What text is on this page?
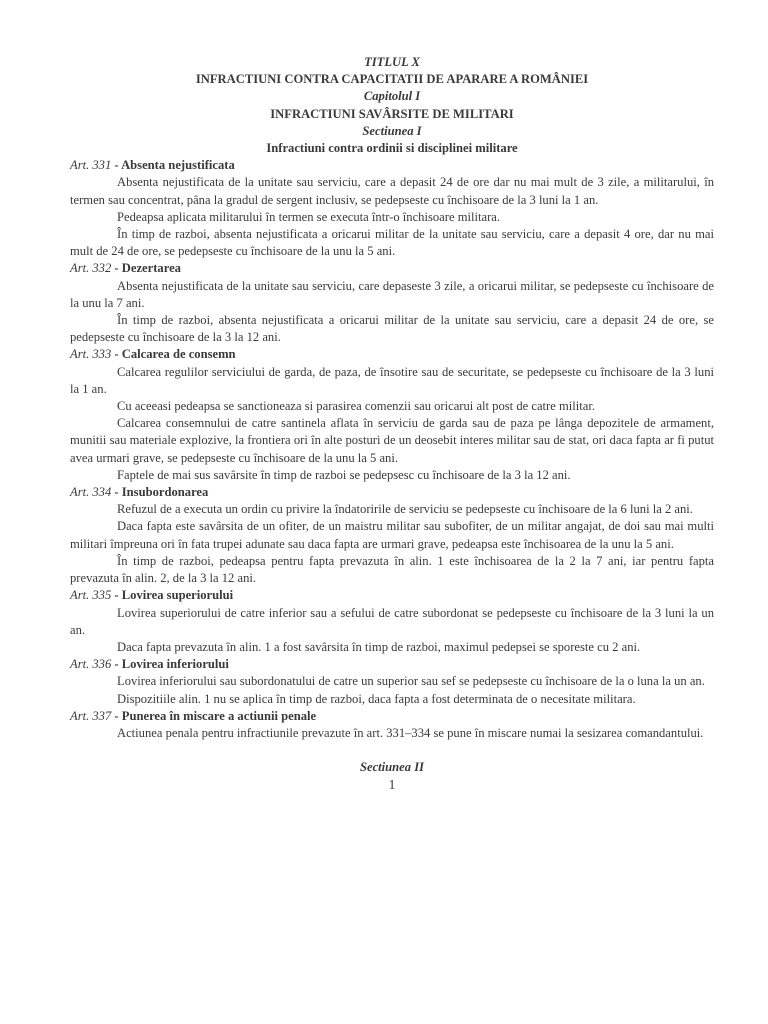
TITLUL X
INFRACTIUNI CONTRA CAPACITATII DE APARARE A ROMÂNIEI
Capitolul I
INFRACTIUNI SAVÂRSITE DE MILITARI
Sectiunea I
Infractiuni contra ordinii si disciplinei militare

Art. 331 - Absenta nejustificata

Absenta nejustificata de la unitate sau serviciu, care a depasit 24 de ore dar nu mai mult de 3 zile, a militarului, în termen sau concentrat, pâna la gradul de sergent inclusiv, se pedepseste cu închisoare de la 3 luni la 1 an.

Pedeapsa aplicata militarului în termen se executa într-o închisoare militara.

În timp de razboi, absenta nejustificata a oricarui militar de la unitate sau serviciu, care a depasit 4 ore, dar nu mai mult de 24 de ore, se pedepseste cu închisoare de la unu la 5 ani.

Art. 332 - Dezertarea

Absenta nejustificata de la unitate sau serviciu, care depaseste 3 zile, a oricarui militar, se pedepseste cu închisoare de la unu la 7 ani.

În timp de razboi, absenta nejustificata a oricarui militar de la unitate sau serviciu, care a depasit 24 de ore, se pedepseste cu închisoare de la 3 la 12 ani.

Art. 333 - Calcarea de consemn

Calcarea regulilor serviciului de garda, de paza, de însotire sau de securitate, se pedepseste cu închisoare de la 3 luni la 1 an.

Cu aceeasi pedeapsa se sanctioneaza si parasirea comenzii sau oricarui alt post de catre militar.

Calcarea consemnului de catre santinela aflata în serviciu de garda sau de paza pe lânga depozitele de armament, munitii sau materiale explozive, la frontiera ori în alte posturi de un deosebit interes militar sau de stat, ori daca fapta ar fi putut avea urmari grave, se pedepseste cu închisoare de la unu la 5 ani.

Faptele de mai sus savârsite în timp de razboi se pedepsesc cu închisoare de la 3 la 12 ani.

Art. 334 - Insubordonarea

Refuzul de a executa un ordin cu privire la îndatoririle de serviciu se pedepseste cu închisoare de la 6 luni la 2 ani.

Daca fapta este savârsita de un ofiter, de un maistru militar sau subofiter, de un militar angajat, de doi sau mai multi militari împreuna ori în fata trupei adunate sau daca fapta are urmari grave, pedeapsa este închisoarea de la unu la 5 ani.

În timp de razboi, pedeapsa pentru fapta prevazuta în alin. 1 este închisoarea de la 2 la 7 ani, iar pentru fapta prevazuta în alin. 2, de la 3 la 12 ani.

Art. 335 - Lovirea superiorului

Lovirea superiorului de catre inferior sau a sefului de catre subordonat se pedepseste cu închisoare de la 3 luni la un an.

Daca fapta prevazuta în alin. 1 a fost savârsita în timp de razboi, maximul pedepsei se sporeste cu 2 ani.

Art. 336 - Lovirea inferiorului

Lovirea inferiorului sau subordonatului de catre un superior sau sef se pedepseste cu închisoare de la o luna la un an.

Dispozitiile alin. 1 nu se aplica în timp de razboi, daca fapta a fost determinata de o necesitate militara.

Art. 337 - Punerea în miscare a actiunii penale

Actiunea penala pentru infractiunile prevazute în art. 331–334 se pune în miscare numai la sesizarea comandantului.

Sectiunea II
1
